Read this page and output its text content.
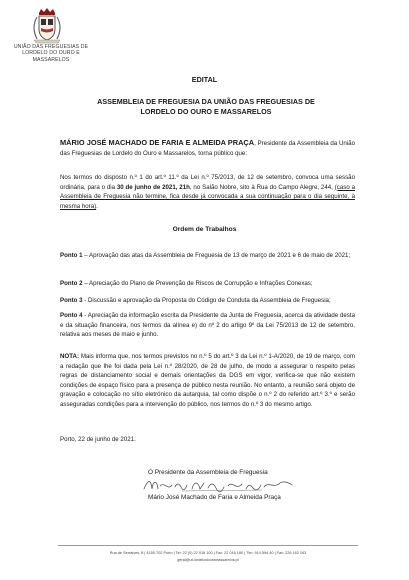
UNIÃO DAS FREGUESIAS DE
LORDELO DO OURO E MASSARELOS
EDITAL
ASSEMBLEIA DE FREGUESIA DA UNIÃO DAS FREGUESIAS DE
LORDELO DO OURO E MASSARELOS
MÁRIO JOSÉ MACHADO DE FARIA E ALMEIDA PRAÇA, Presidente da Assembleia da União das Freguesias de Lordelo do Ouro e Massarelos, torna público que:
Nos termos do disposto n.º 1 do art.º 11.º da Lei n.º 75/2013, de 12 de setembro, convoca uma sessão ordinária, para o dia 30 de junho de 2021, 21h, no Salão Nobre, sito à Rua do Campo Alegre, 244, (caso a Assembleia de Freguesia não termine, fica desde já convocada a sua continuação para o dia seguinte, à mesma hora).
Ordem de Trabalhos
Ponto 1 – Aprovação das atas da Assembleia de Freguesia de 13 de março de 2021 e 6 de maio de 2021;
Ponto 2 – Apreciação do Plano de Prevenção de Riscos de Corrupção e Infrações Conexas;
Ponto 3 - Discussão e aprovação da Proposta do Código de Conduta da Assembleia de Freguesia;
Ponto 4 - Apreciação da informação escrita da Presidente da Junta de Freguesia, acerca da atividade desta e da situação financeira, nos termos da alínea e) do nº 2 do artigo 9º da Lei 75/2013 de 12 de setembro, relativa aos meses de maio e junho.
NOTA: Mais informa que, nos termos previstos no n.º 5 do art.º 3 da Lei n.º 1-A/2020, de 19 de março, com a redação que lhe foi dada pela Lei n.º 28/2020, de 28 de julho, de modo a assegurar o respeito pelas regras de distanciamento social e demais orientações da DGS em vigor, verifica-se que não existem condições de espaço físico para a presença de público nesta reunião. No entanto, a reunião será objeto de gravação e colocação no sítio eletrónico da autarquia, tal como dispõe o n.º 2 do referido art.º 3.º e serão asseguradas condições para a intervenção do público, nos termos do n.º 3 do mesmo artigo.
Porto, 22 de junho de 2021.
O Presidente da Assembleia de Freguesia
Mário José Machado de Faria e Almeida Praça
Rua de Serralves, 8 | 4150-702 Porto | Tel: 22 (0) 22 016 100 | Fax: 22 016 180 | Tlm: 914 594 40 | Fax: 226 162 163
geral@uf-lordelodouromassarelos.pt
